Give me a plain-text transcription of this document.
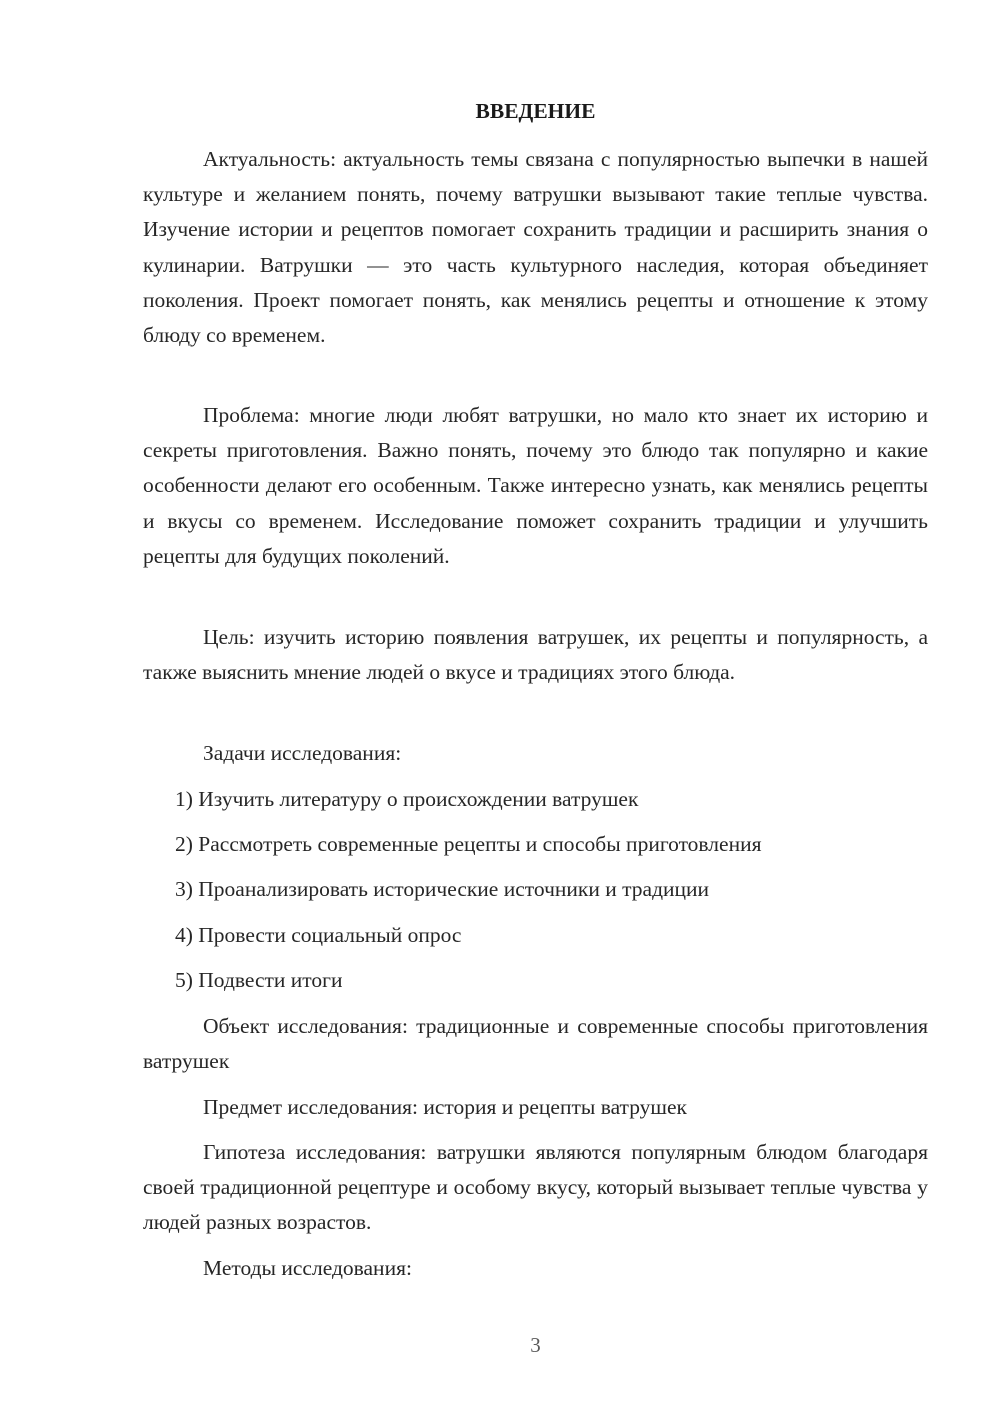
ВВЕДЕНИЕ

Актуальность: актуальность темы связана с популярностью выпечки в нашей культуре и желанием понять, почему ватрушки вызывают такие теплые чувства. Изучение истории и рецептов помогает сохранить традиции и расширить знания о кулинарии. Ватрушки — это часть культурного наследия, которая объединяет поколения. Проект помогает понять, как менялись рецепты и отношение к этому блюду со временем.

Проблема: многие люди любят ватрушки, но мало кто знает их историю и секреты приготовления. Важно понять, почему это блюдо так популярно и какие особенности делают его особенным. Также интересно узнать, как менялись рецепты и вкусы со временем. Исследование поможет сохранить традиции и улучшить рецепты для будущих поколений.

Цель: изучить историю появления ватрушек, их рецепты и популярность, а также выяснить мнение людей о вкусе и традициях этого блюда.

Задачи исследования:

1) Изучить литературу о происхождении ватрушек

2) Рассмотреть современные рецепты и способы приготовления

3) Проанализировать исторические источники и традиции

4) Провести социальный опрос

5) Подвести итоги

Объект исследования: традиционные и современные способы приготовления ватрушек

Предмет исследования: история и рецепты ватрушек

Гипотеза исследования: ватрушки являются популярным блюдом благодаря своей традиционной рецептуре и особому вкусу, который вызывает теплые чувства у людей разных возрастов.

Методы исследования:

3
